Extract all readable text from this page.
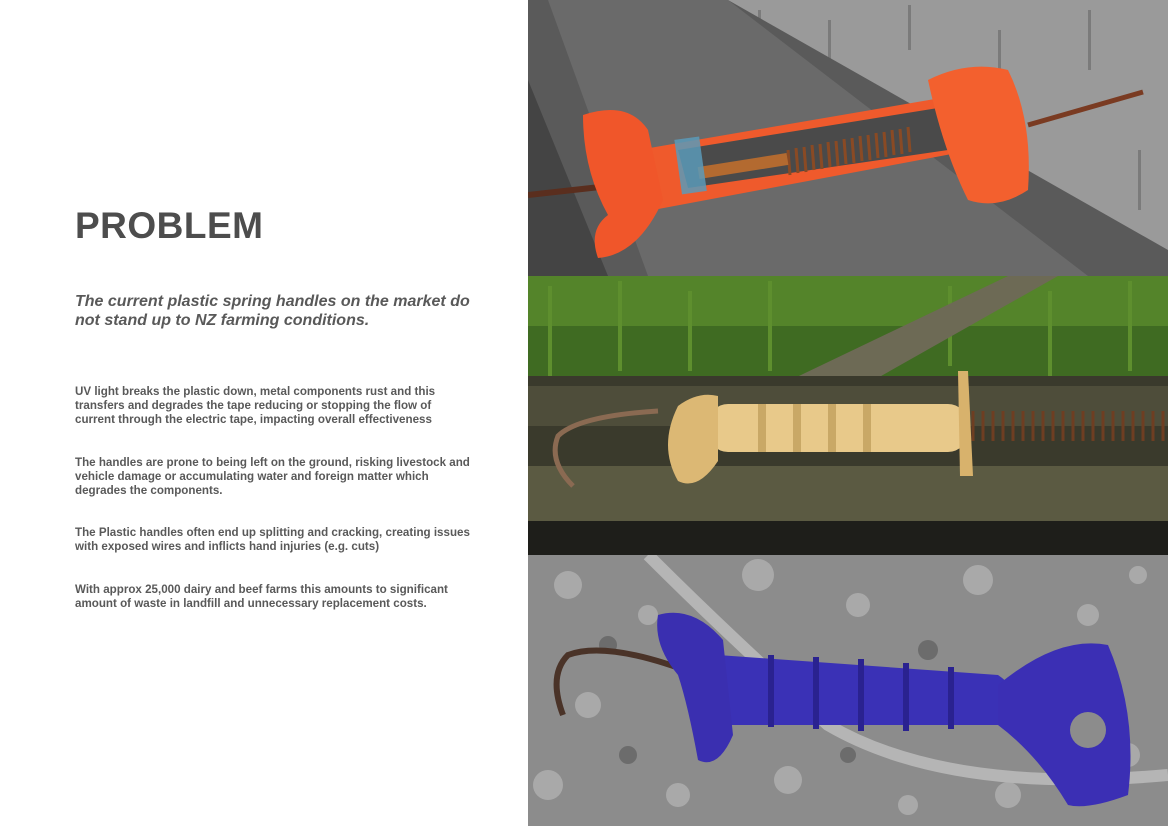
PROBLEM

The current plastic spring handles on the market do not stand up to NZ farming conditions.

UV light breaks the plastic down, metal components rust and this transfers and degrades the tape reducing or stopping the flow of current through the electric tape, impacting overall effectiveness

The handles are prone to being left on the ground, risking livestock and vehicle damage or accumulating water and foreign matter which degrades the components.

The Plastic handles often end up splitting and cracking, creating issues with exposed wires and inflicts hand injuries (e.g. cuts)

With approx 25,000 dairy and beef farms this amounts to significant amount of waste in landfill and unnecessary replacement costs.
